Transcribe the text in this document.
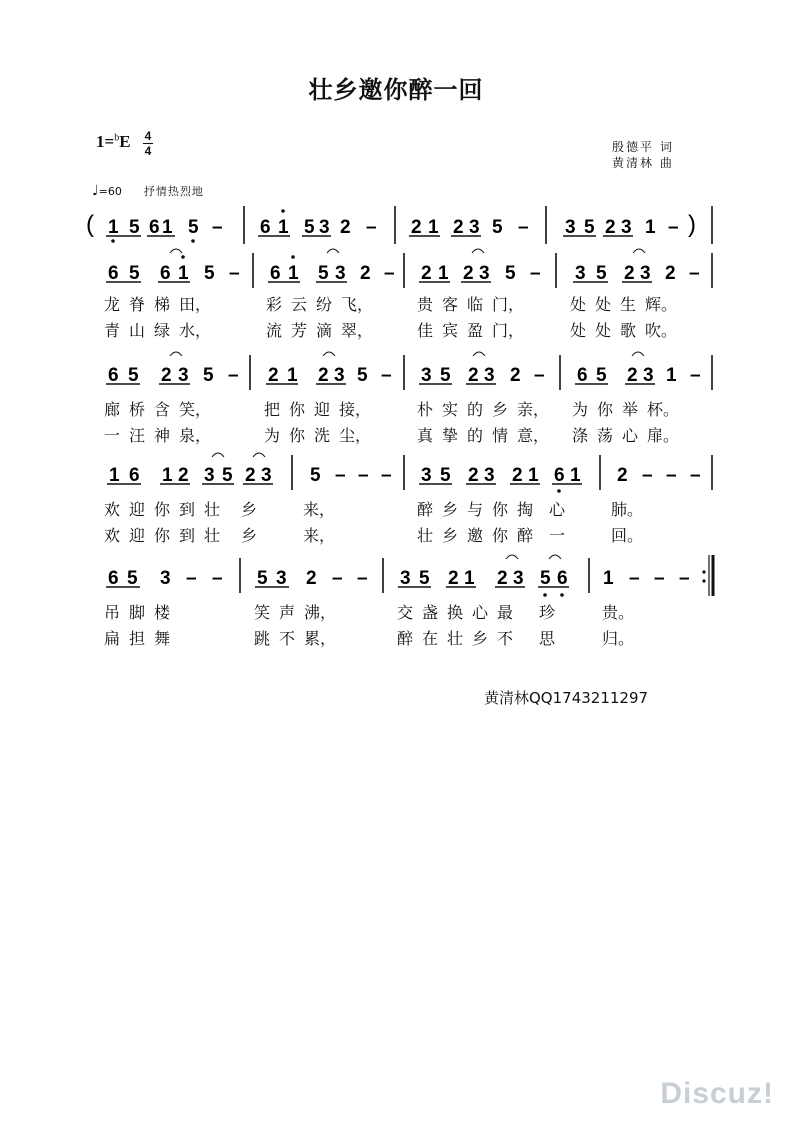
壮乡邀你醉一回
1=$^b$E 4
4	殷德平 词
黄清林 曲
♩=60 抒情热烈地
( 1 5 6 1 5 – 6 1 5 3 2 – 2 1 2 3 5 – 3 5 2 3 1 – )
6 5 6 1 5 – 6 1 5 3 2 – 2 1 2 3 5 – 3 5 2 3 2 –
6 5 2 3 5 – 2 1 2 3 5 – 3 5 2 3 2 – 6 5 2 3 1 –
1 6 1 2 3 5 2 3 5 – – – 3 5 2 3 2 1 6 1 2 – – –
6 5 3 – – 5 3 2 – – 3 5 2 1 2 3 5 6 1 – – –
龙 脊 梯 田，	彩 云 纷 飞，	贵 客 临 门，	处 处 生 辉。
青 山 绿 水，	流 芳 滴 翠，	佳 宾 盈 门，	处 处 歌 吹。
廊 桥 含 笑，	把 你 迎 接，	朴 实 的 乡 亲， 为 你 举 杯。
一 汪 神 泉，	为 你 洗 尘，	真 挚 的 情 意， 涤 荡 心 扉。
欢 迎 你 到 壮 乡	来，	醉 乡 与 你 掏 心	肺。
欢 迎 你 到 壮 乡	来，	壮 乡 邀 你 醉 一	回。
吊 脚 楼	笑 声 沸，	交 盏 换 心 最 珍	贵。
扁 担 舞	跳 不 累，	醉 在 壮 乡 不 思	归。
黄清林QQ1743211297
Discuz!
